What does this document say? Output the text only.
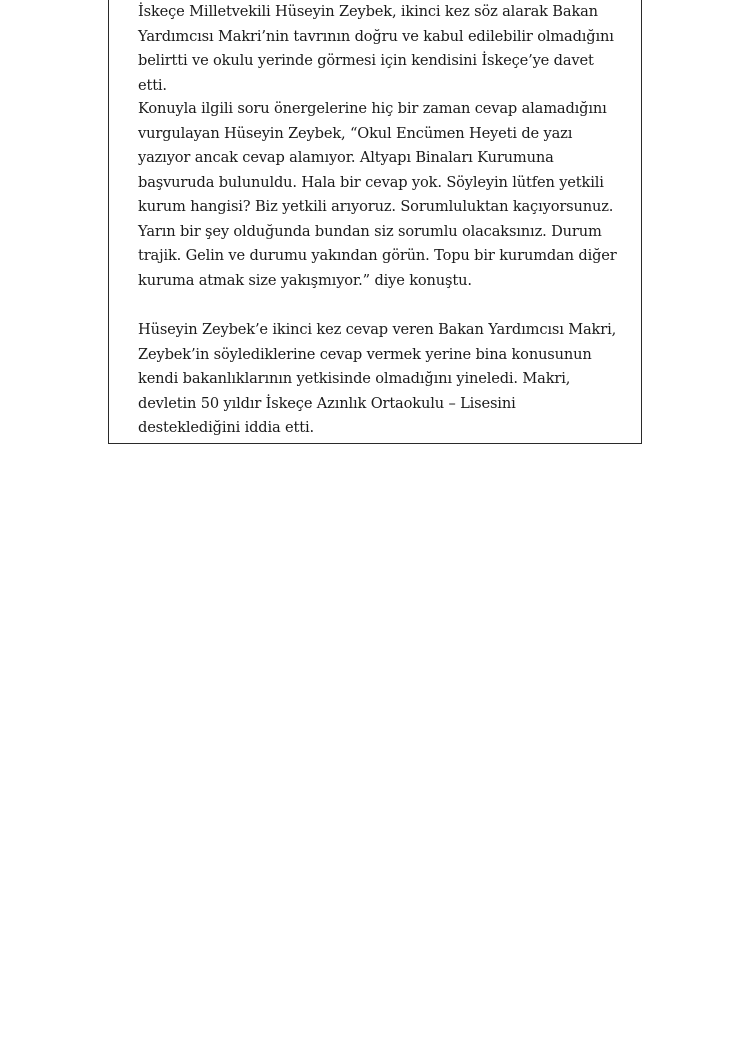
İskeçe Milletvekili Hüseyin Zeybek, ikinci kez söz alarak Bakan Yardımcısı Makri’nin tavrının doğru ve kabul edilebilir olmadığını belirtti ve okulu yerinde görmesi için kendisini İskeçe’ye davet etti.

Konuyla ilgili soru önergelerine hiç bir zaman cevap alamadığını vurgulayan Hüseyin Zeybek, “Okul Encümen Heyeti de yazı yazıyor ancak cevap alamıyor. Altyapı Binaları Kurumuna başvuruda bulunuldu. Hala bir cevap yok. Söyleyin lütfen yetkili kurum hangisi? Biz yetkili arıyoruz. Sorumluluktan kaçıyorsunuz. Yarın bir şey olduğunda bundan siz sorumlu olacaksınız. Durum trajik. Gelin ve durumu yakından görün. Topu bir kurumdan diğer kuruma atmak size yakışmıyor.” diye konuştu.

Hüseyin Zeybek’e ikinci kez cevap veren Bakan Yardımcısı Makri, Zeybek’in söylediklerine cevap vermek yerine bina konusunun kendi bakanlıklarının yetkisinde olmadığını yineledi. Makri, devletin 50 yıldır İskeçe Azınlık Ortaokulu – Lisesini desteklediğini iddia etti.
